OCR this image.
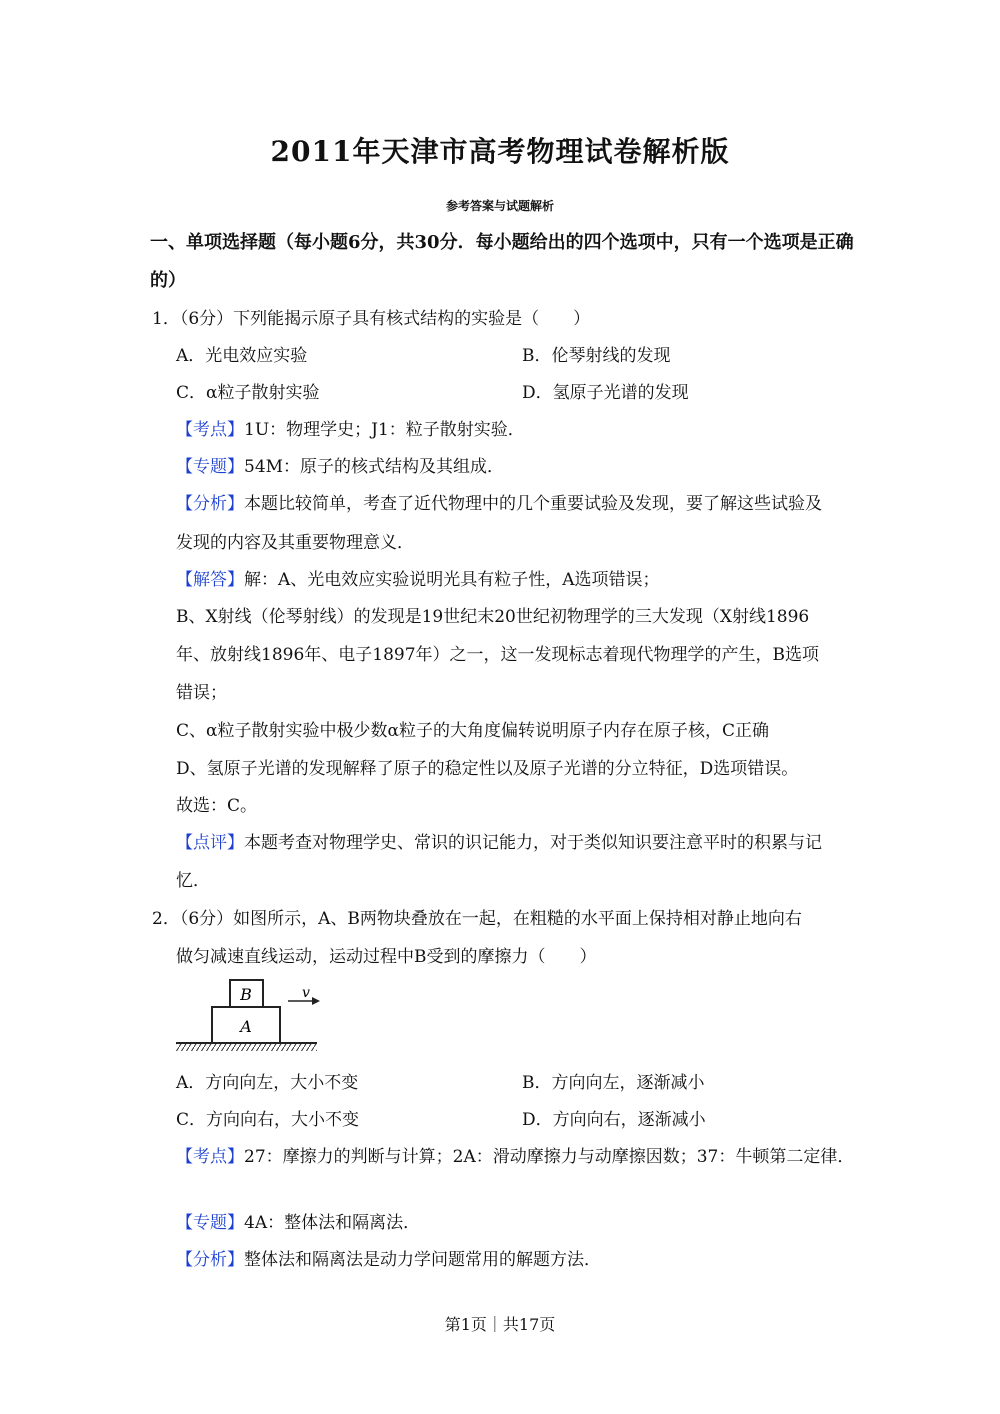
2011年天津市高考物理试卷解析版
参考答案与试题解析
一、单项选择题（每小题6分，共30分．每小题给出的四个选项中，只有一个选项是正确
的）
1．（6分）下列能揭示原子具有核式结构的实验是（　　）
A．光电效应实验	B．伦琴射线的发现
C．α粒子散射实验	D．氢原子光谱的发现
【考点】1U：物理学史；J1：粒子散射实验．
【专题】54M：原子的核式结构及其组成．
【分析】本题比较简单，考查了近代物理中的几个重要试验及发现，要了解这些试验及
发现的内容及其重要物理意义．
【解答】解：A、光电效应实验说明光具有粒子性，A选项错误；
B、X射线（伦琴射线）的发现是19世纪末20世纪初物理学的三大发现（X射线1896
年、放射线1896年、电子1897年）之一，这一发现标志着现代物理学的产生，B选项
错误；
C、α粒子散射实验中极少数α粒子的大角度偏转说明原子内存在原子核，C正确
D、氢原子光谱的发现解释了原子的稳定性以及原子光谱的分立特征，D选项错误。
故选：C。
【点评】本题考查对物理学史、常识的识记能力，对于类似知识要注意平时的积累与记
忆．
2．（6分）如图所示，A、B两物块叠放在一起，在粗糙的水平面上保持相对静止地向右
做匀减速直线运动，运动过程中B受到的摩擦力（　　）
B
A
v
A．方向向左，大小不变	B．方向向左，逐渐减小
C．方向向右，大小不变	D．方向向右，逐渐减小
【考点】27：摩擦力的判断与计算；2A：滑动摩擦力与动摩擦因数；37：牛顿第二定律．
【专题】4A：整体法和隔离法．
【分析】整体法和隔离法是动力学问题常用的解题方法．
第1页｜共17页
